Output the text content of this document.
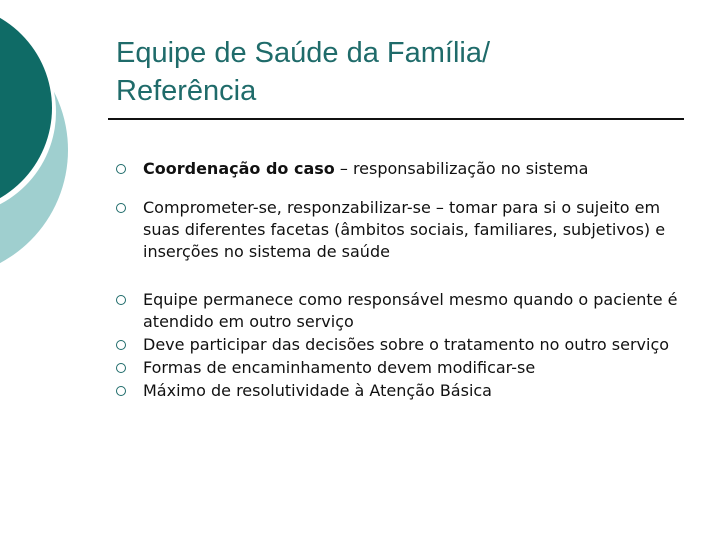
Equipe de Saúde da Família/
Referência
Coordenação do caso – responsabilização no sistema
Comprometer-se, responzabilizar-se – tomar para si o sujeito em suas diferentes facetas (âmbitos sociais, familiares, subjetivos) e inserções no sistema de saúde
Equipe permanece como responsável mesmo quando o paciente é atendido em outro serviço
Deve participar das decisões sobre o tratamento no outro serviço
Formas de encaminhamento devem modificar-se
Máximo de resolutividade à Atenção Básica
